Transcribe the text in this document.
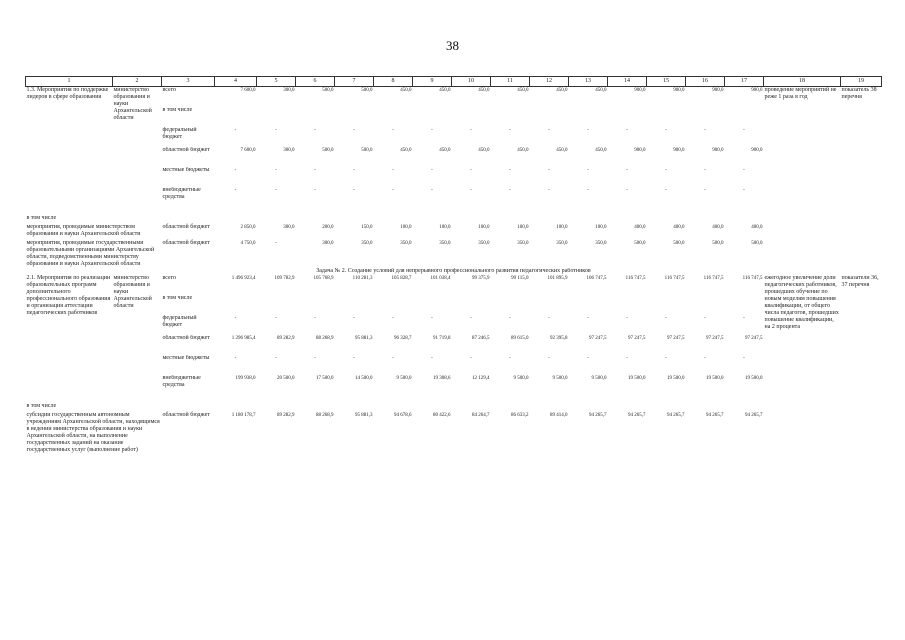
38
1	2	3	4	5	6	7	8	9	10	11	12	13	14	15	16	17	18	19
1.3. Мероприятия по поддержке лидеров в сфере образования	министерство образования и науки Архангельской области	всего	7 600,0	300,0	500,0	500,0	450,0	450,0	450,0	450,0	450,0	450,0	900,0	900,0	900,0	900,0	проведение мероприятий не реже 1 раза в год	показатель 38 перечня
		в том числе																
		федеральный бюджет	-	-	-	-	-	-	-	-	-	-	-	-	-	-		
		областной бюджет	7 600,0	300,0	500,0	500,0	450,0	450,0	450,0	450,0	450,0	450,0	900,0	900,0	900,0	900,0		
		местные бюджеты	-	-	-	-	-	-	-	-	-	-	-	-	-	-		
		внебюджетные средства	-	-	-	-	-	-	-	-	-	-	-	-	-	-		
в том числе																		
мероприятия, проводимые министерством образования и науки Архангельской области		областной бюджет	2 850,0	300,0	200,0	150,0	100,0	100,0	100,0	100,0	100,0	100,0	400,0	400,0	400,0	400,0		
мероприятия, проводимые государственными образовательными организациями Архангельской области, подведомственными министерству образования и науки Архангельской области		областной бюджет	4 750,0	-	300,0	350,0	350,0	350,0	350,0	350,0	350,0	350,0	500,0	500,0	500,0	500,0		
Задача № 2. Создание условий для непрерывного профессионального развития педагогических работников																		
2.1. Мероприятия по реализации образовательных программ дополнительного профессионального образования и организация аттестации педагогических работников	министерство образования и науки Архангельской области	всего	1 496 923,4	109 782,9	105 768,9	110 281,3	105 828,7	101 038,4	99 375,9	99 115,0	101 895,9	106 747,5	116 747,5	116 747,5	116 747,5	116 747,5	ежегодное увеличение доли педагогических работников, прошедших обучение по новым моделям повышения квалификации, от общего числа педагогов, прошедших повышение квалификации, на 2 процента	показатели 36, 37 перечня
		в том числе																
		федеральный бюджет	-	-	-	-	-	-	-	-	-	-	-	-	-	-		
		областной бюджет	1 296 985,4	89 282,9	88 268,9	95 881,3	96 328,7	91 719,8	87 246,5	89 615,0	92 395,8	97 247,5	97 247,5	97 247,5	97 247,5	97 247,5		
		местные бюджеты	-	-	-	-	-	-	-	-	-	-	-	-	-	-		
		внебюджетные средства	199 938,0	20 500,0	17 500,0	14 500,0	9 500,0	19 308,6	12 129,4	9 500,0	9 500,0	9 500,0	19 500,0	19 500,0	19 500,0	19 500,0		
в том числе																		
субсидии государственным автономным учреждениям Архангельской области, находящимся в ведении министерства образования и науки Архангельской области, на выполнение государственных заданий на оказание государственных услуг (выполнение работ)		областной бюджет	1 180 178,7	89 282,9	88 268,9	95 881,3	94 678,6	80 422,6	84 264,7	86 633,2	89 414,0	94 265,7	94 265,7	94 265,7	94 265,7	94 265,7		
